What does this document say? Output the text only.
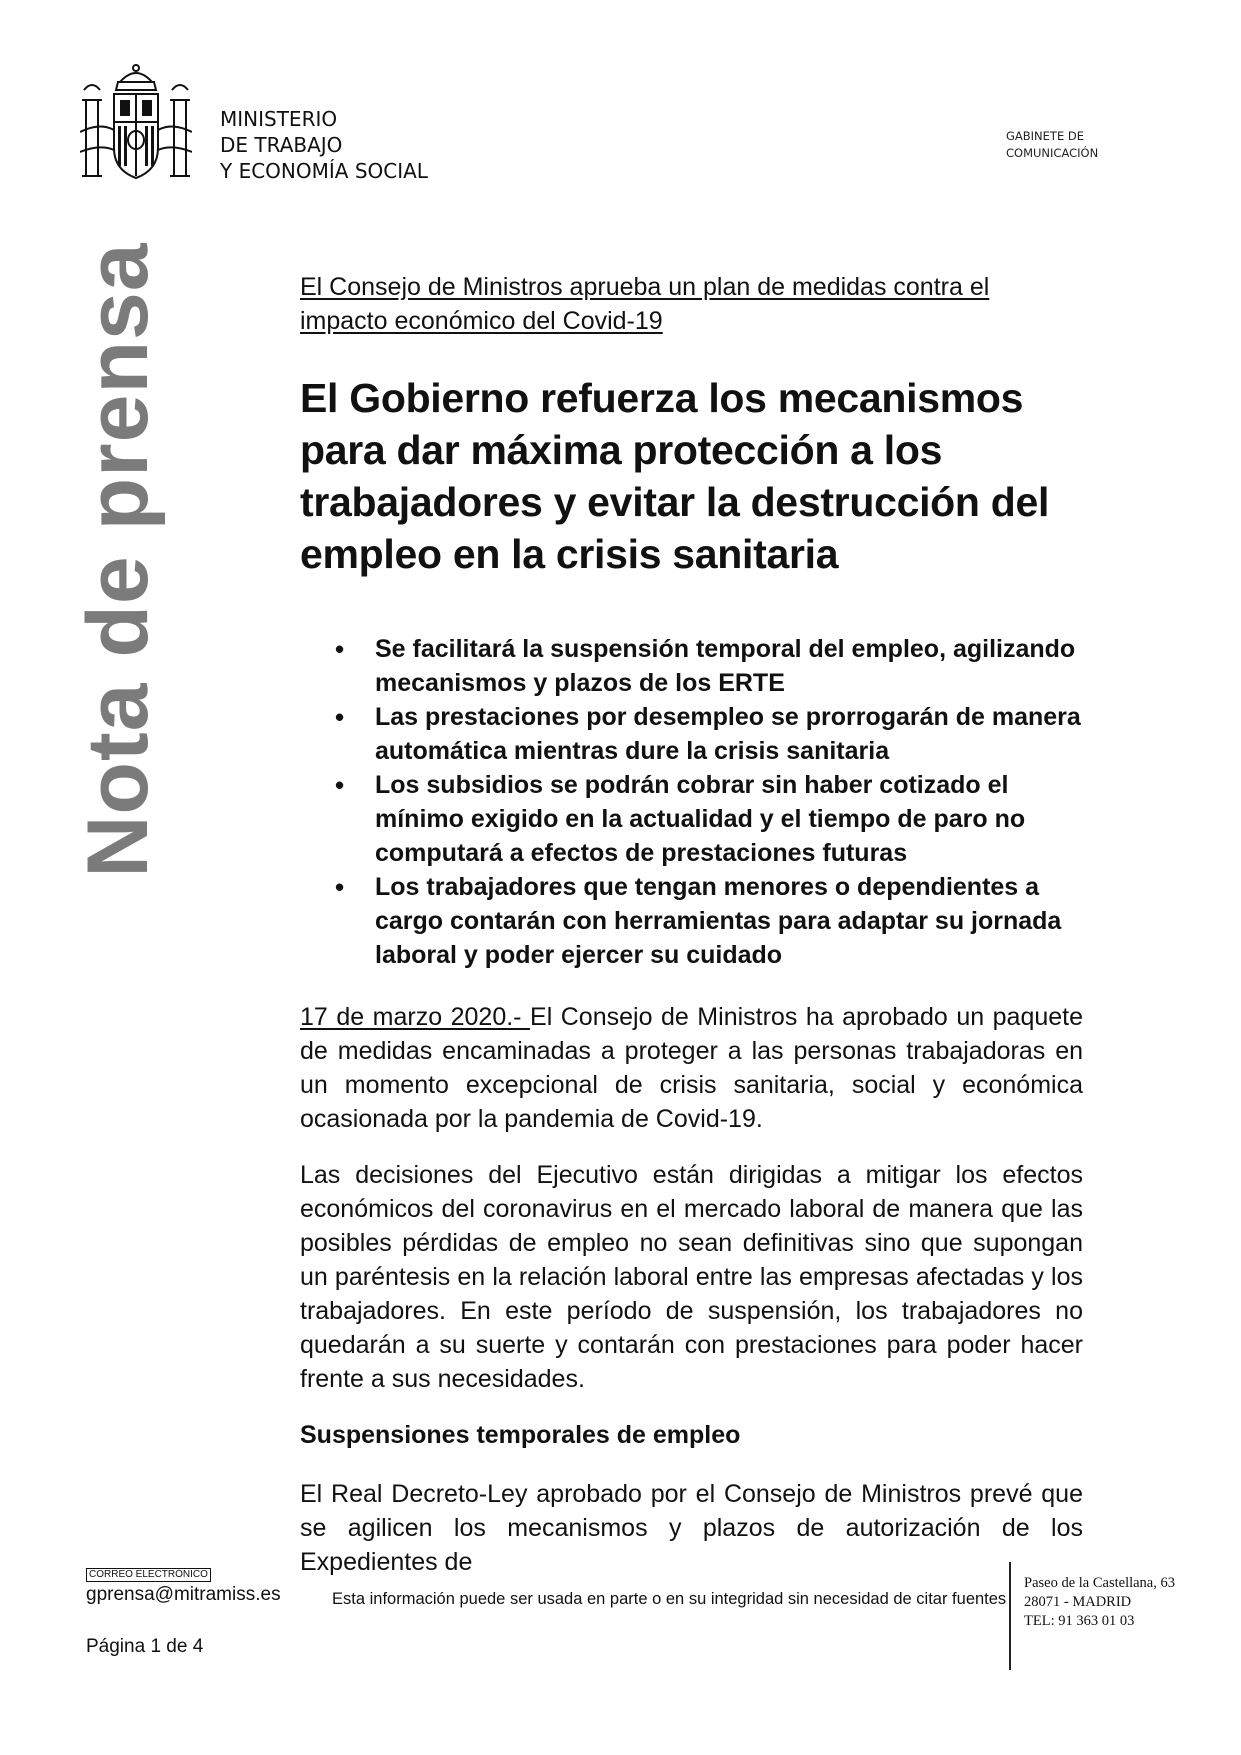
MINISTERIO
DE TRABAJO
Y ECONOMÍA SOCIAL
GABINETE DE
COMUNICACIÓN
Nota de prensa	El Consejo de Ministros aprueba un plan de medidas contra el impacto económico del Covid-19
El Gobierno refuerza los mecanismos para dar máxima protección a los trabajadores y evitar la destrucción del empleo en la crisis sanitaria
• Se facilitará la suspensión temporal del empleo, agilizando mecanismos y plazos de los ERTE
• Las prestaciones por desempleo se prorrogarán de manera automática mientras dure la crisis sanitaria
• Los subsidios se podrán cobrar sin haber cotizado el mínimo exigido en la actualidad y el tiempo de paro no computará a efectos de prestaciones futuras
• Los trabajadores que tengan menores o dependientes a cargo contarán con herramientas para adaptar su jornada laboral y poder ejercer su cuidado

17 de marzo 2020.- El Consejo de Ministros ha aprobado un paquete de medidas encaminadas a proteger a las personas trabajadoras en un momento excepcional de crisis sanitaria, social y económica ocasionada por la pandemia de Covid-19.

Las decisiones del Ejecutivo están dirigidas a mitigar los efectos económicos del coronavirus en el mercado laboral de manera que las posibles pérdidas de empleo no sean definitivas sino que supongan un paréntesis en la relación laboral entre las empresas afectadas y los trabajadores. En este período de suspensión, los trabajadores no quedarán a su suerte y contarán con prestaciones para poder hacer frente a sus necesidades.

Suspensiones temporales de empleo

El Real Decreto-Ley aprobado por el Consejo de Ministros prevé que se agilicen los mecanismos y plazos de autorización de los Expedientes de

CORREO ELECTRÓNICO
gprensa@mitramiss.es
Página 1 de 4
Esta información puede ser usada en parte o en su integridad sin necesidad de citar fuentes
Paseo de la Castellana, 63
28071 - MADRID
TEL: 91 363 01 03
